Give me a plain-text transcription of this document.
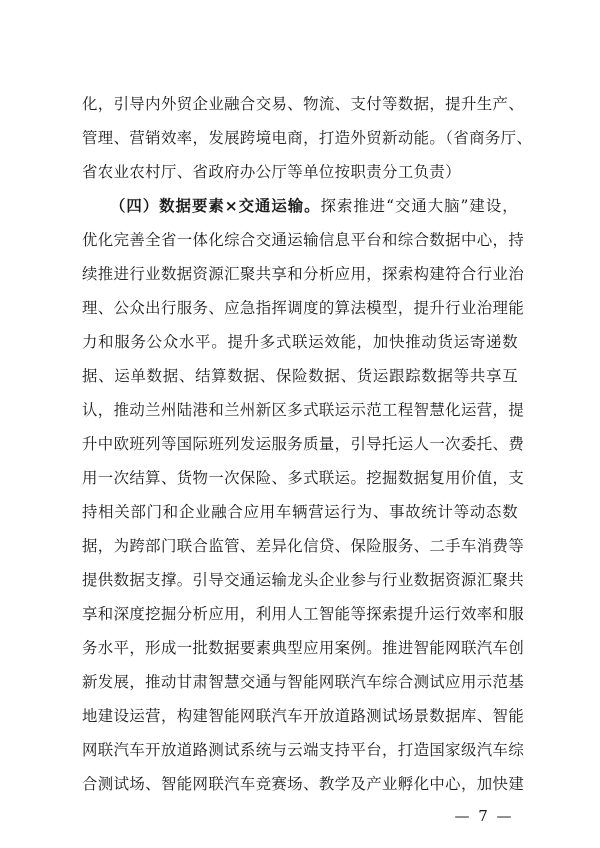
化，引导内外贸企业融合交易、物流、支付等数据，提升生产、
管理、营销效率，发展跨境电商，打造外贸新动能。（省商务厅、
省农业农村厅、省政府办公厅等单位按职责分工负责）
（四）数据要素×交通运输。探索推进“交通大脑”建设，
优化完善全省一体化综合交通运输信息平台和综合数据中心，持
续推进行业数据资源汇聚共享和分析应用，探索构建符合行业治
理、公众出行服务、应急指挥调度的算法模型，提升行业治理能
力和服务公众水平。提升多式联运效能，加快推动货运寄递数
据、运单数据、结算数据、保险数据、货运跟踪数据等共享互
认，推动兰州陆港和兰州新区多式联运示范工程智慧化运营，提
升中欧班列等国际班列发运服务质量，引导托运人一次委托、费
用一次结算、货物一次保险、多式联运。挖掘数据复用价值，支
持相关部门和企业融合应用车辆营运行为、事故统计等动态数
据，为跨部门联合监管、差异化信贷、保险服务、二手车消费等
提供数据支撑。引导交通运输龙头企业参与行业数据资源汇聚共
享和深度挖掘分析应用，利用人工智能等探索提升运行效率和服
务水平，形成一批数据要素典型应用案例。推进智能网联汽车创
新发展，推动甘肃智慧交通与智能网联汽车综合测试应用示范基
地建设运营，构建智能网联汽车开放道路测试场景数据库、智能
网联汽车开放道路测试系统与云端支持平台，打造国家级汽车综
合测试场、智能网联汽车竞赛场、教学及产业孵化中心，加快建
— 7 —
